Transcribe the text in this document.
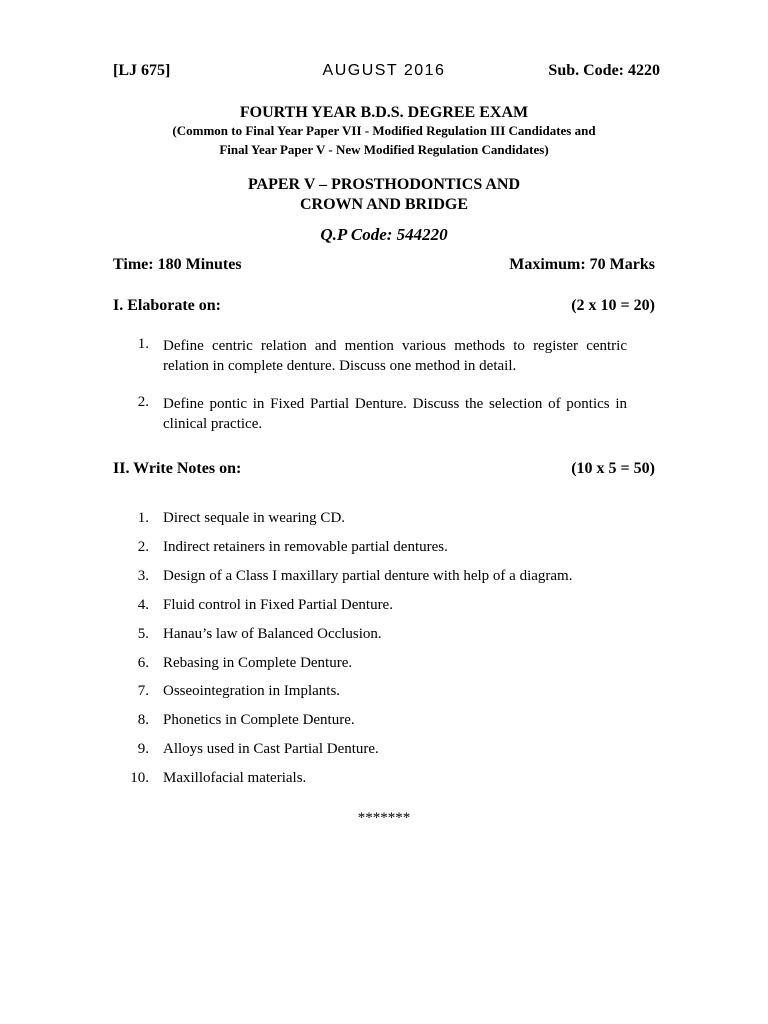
[LJ 675]	AUGUST 2016	Sub. Code: 4220
FOURTH YEAR B.D.S. DEGREE EXAM
(Common to Final Year Paper VII - Modified Regulation III Candidates and
Final Year Paper V - New Modified Regulation Candidates)
PAPER V – PROSTHODONTICS AND
CROWN AND BRIDGE
Q.P Code: 544220
Time: 180 Minutes	Maximum: 70 Marks
I. Elaborate on:	(2 x 10 = 20)
1. Define centric relation and mention various methods to register centric relation in complete denture. Discuss one method in detail.
2. Define pontic in Fixed Partial Denture. Discuss the selection of pontics in clinical practice.
II. Write Notes on:	(10 x 5 = 50)
1. Direct sequale in wearing CD.
2. Indirect retainers in removable partial dentures.
3. Design of a Class I maxillary partial denture with help of a diagram.
4. Fluid control in Fixed Partial Denture.
5. Hanau’s law of Balanced Occlusion.
6. Rebasing in Complete Denture.
7. Osseointegration in Implants.
8. Phonetics in Complete Denture.
9. Alloys used in Cast Partial Denture.
10. Maxillofacial materials.
*******
